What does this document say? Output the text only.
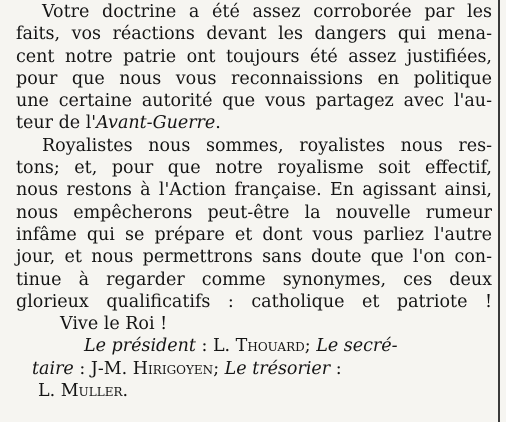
Votre doctrine a été assez corroborée par les
faits, vos réactions devant les dangers qui mena-
cent notre patrie ont toujours été assez justifiées,
pour que nous vous reconnaissions en politique
une certaine autorité que vous partagez avec l'au-
teur de l'Avant-Guerre.
Royalistes nous sommes, royalistes nous res-
tons; et, pour que notre royalisme soit effectif,
nous restons à l'Action française. En agissant ainsi,
nous empêcherons peut-être la nouvelle rumeur
infâme qui se prépare et dont vous parliez l'autre
jour, et nous permettrons sans doute que l'on con-
tinue à regarder comme synonymes, ces deux
glorieux qualificatifs : catholique et patriote !
Vive le Roi !
Le président : L. Thouard; Le secré-
taire : J-M. Hirigoyen; Le trésorier :
L. Muller.
